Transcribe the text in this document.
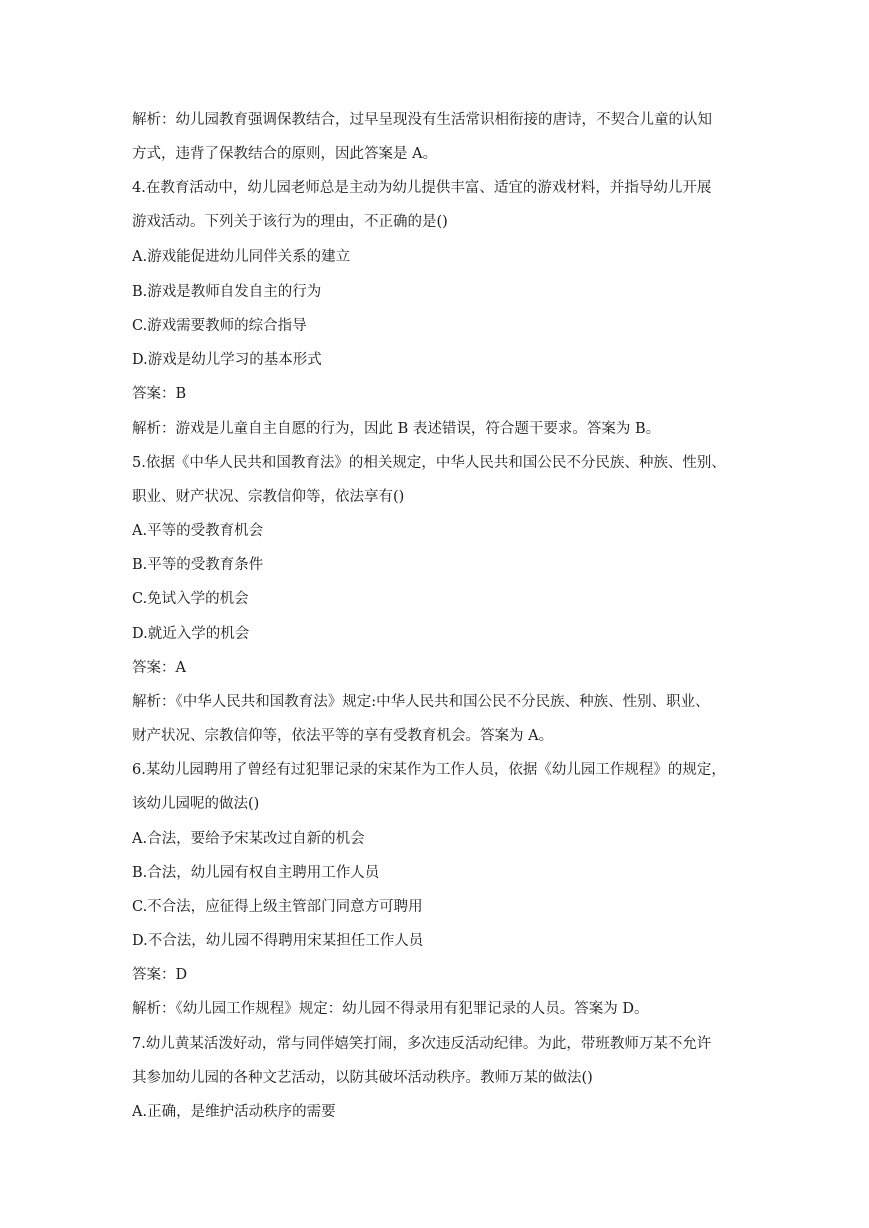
解析：幼儿园教育强调保教结合，过早呈现没有生活常识相衔接的唐诗，不契合儿童的认知
方式，违背了保教结合的原则，因此答案是 A。
4.在教育活动中，幼儿园老师总是主动为幼儿提供丰富、适宜的游戏材料，并指导幼儿开展
游戏活动。下列关于该行为的理由，不正确的是()
A.游戏能促进幼儿同伴关系的建立
B.游戏是教师自发自主的行为
C.游戏需要教师的综合指导
D.游戏是幼儿学习的基本形式
答案：B
解析：游戏是儿童自主自愿的行为，因此 B 表述错误，符合题干要求。答案为 B。
5.依据《中华人民共和国教育法》的相关规定，中华人民共和国公民不分民族、种族、性别、
职业、财产状况、宗教信仰等，依法享有()
A.平等的受教育机会
B.平等的受教育条件
C.免试入学的机会
D.就近入学的机会
答案：A
解析：《中华人民共和国教育法》规定:中华人民共和国公民不分民族、种族、性别、职业、
财产状况、宗教信仰等，依法平等的享有受教育机会。答案为 A。
6.某幼儿园聘用了曾经有过犯罪记录的宋某作为工作人员，依据《幼儿园工作规程》的规定，
该幼儿园呢的做法()
A.合法，要给予宋某改过自新的机会
B.合法，幼儿园有权自主聘用工作人员
C.不合法，应征得上级主管部门同意方可聘用
D.不合法，幼儿园不得聘用宋某担任工作人员
答案：D
解析：《幼儿园工作规程》规定：幼儿园不得录用有犯罪记录的人员。答案为 D。
7.幼儿黄某活泼好动，常与同伴嬉笑打闹，多次违反活动纪律。为此，带班教师万某不允许
其参加幼儿园的各种文艺活动，以防其破坏活动秩序。教师万某的做法()
A.正确，是维护活动秩序的需要
